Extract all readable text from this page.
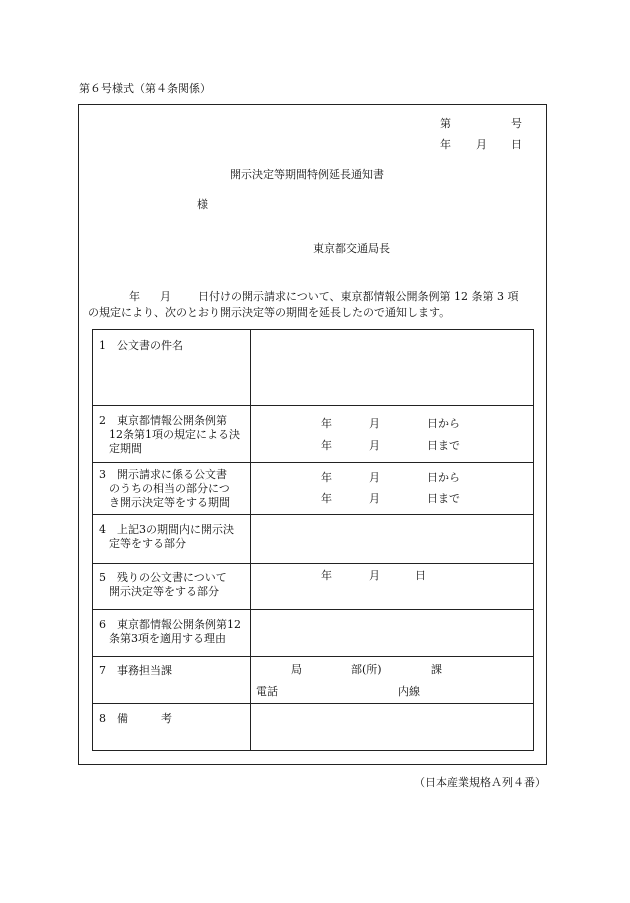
第６号様式（第４条関係）
第	号
年 月 日
開示決定等期間特例延長通知書
様
東京都交通局長
年 月 日付けの開示請求について、東京都情報公開条例第 12 条第 3 項
の規定により、次のとおり開示決定等の期間を延長したので通知します。
1　公文書の件名
2　東京都情報公開条例第
12条第1項の規定による決
定期間
年	月	日から
年	月	日まで
3　開示請求に係る公文書
のうちの相当の部分につ
き開示決定等をする期間
年	月	日から
年	月	日まで
4　上記3の期間内に開示決
定等をする部分
5　残りの公文書について
開示決定等をする部分
年	月	日
6　東京都情報公開条例第12
条第3項を適用する理由
7　事務担当課	局	部(所)	課
電話	内線
8　備　　　考
（日本産業規格Ａ列４番）
